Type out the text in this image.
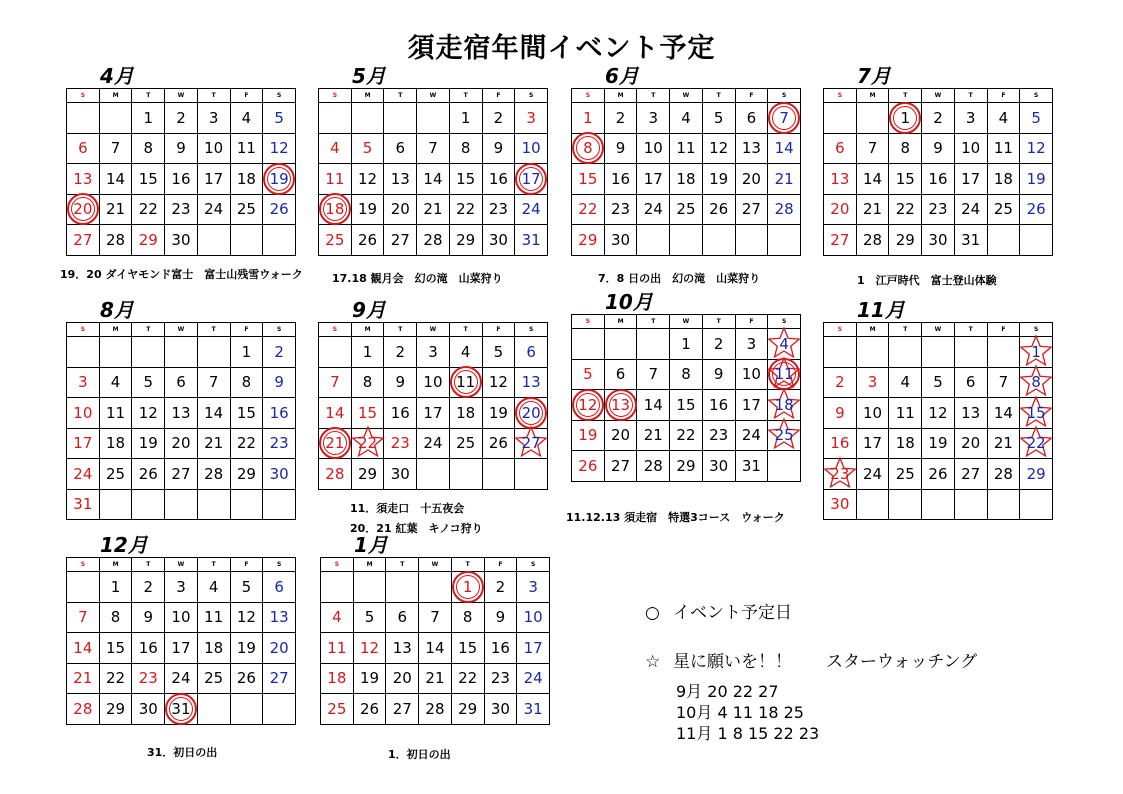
須走宿年間イベント予定
4月
S	M	T	W	T	F	S

		1	2	3	4	5

6	7	8	9	10	11	12

13	14	15	16	17	18	19

20	21	22	23	24	25	26

27	28	29	30			

5月
S	M	T	W	T	F	S

				1	2	3

4	5	6	7	8	9	10

11	12	13	14	15	16	17

18	19	20	21	22	23	24

25	26	27	28	29	30	31
6月
S	M	T	W	T	F	S

1	2	3	4	5	6	7

8	9	10	11	12	13	14

15	16	17	18	19	20	21

22	23	24	25	26	27	28

29	30					

7月
S	M	T	W	T	F	S

		1	2	3	4	5

6	7	8	9	10	11	12

13	14	15	16	17	18	19

20	21	22	23	24	25	26

27	28	29	30	31		

8月
S	M	T	W	T	F	S

					1	2

3	4	5	6	7	8	9

10	11	12	13	14	15	16

17	18	19	20	21	22	23

24	25	26	27	28	29	30

31						

9月
S	M	T	W	T	F	S

	1	2	3	4	5	6

7	8	9	10	11	12	13

14	15	16	17	18	19	20

21	22	23	24	25	26	27

28	29	30				

10月
S	M	T	W	T	F	S

			1	2	3	4

5	6	7	8	9	10	11

12	13	14	15	16	17	18

19	20	21	22	23	24	25

26	27	28	29	30	31	

11月
S	M	T	W	T	F	S

						1

2	3	4	5	6	7	8

9	10	11	12	13	14	15

16	17	18	19	20	21	22

23	24	25	26	27	28	29

30						

12月
S	M	T	W	T	F	S

	1	2	3	4	5	6

7	8	9	10	11	12	13

14	15	16	17	18	19	20

21	22	23	24	25	26	27

28	29	30	31			

1月
S	M	T	W	T	F	S

				1	2	3

4	5	6	7	8	9	10

11	12	13	14	15	16	17

18	19	20	21	22	23	24

25	26	27	28	29	30	31
19．20 ダイヤモンド富士　富士山残雪ウォーク	17.18 観月会　幻の滝　山菜狩り	7．8 日の出　幻の滝　山菜狩り	1　江戸時代　富士登山体験
11．須走口　十五夜会
20．21 紅葉　キノコ狩り
11.12.13 須走宿　特選3コース　ウォーク
31．初日の出	1．初日の出
○ イベント予定日
☆ 星に願いを！！　　スターウォッチング
9月 20 22 27
10月 4 11 18 25
11月 1 8 15 22 23
